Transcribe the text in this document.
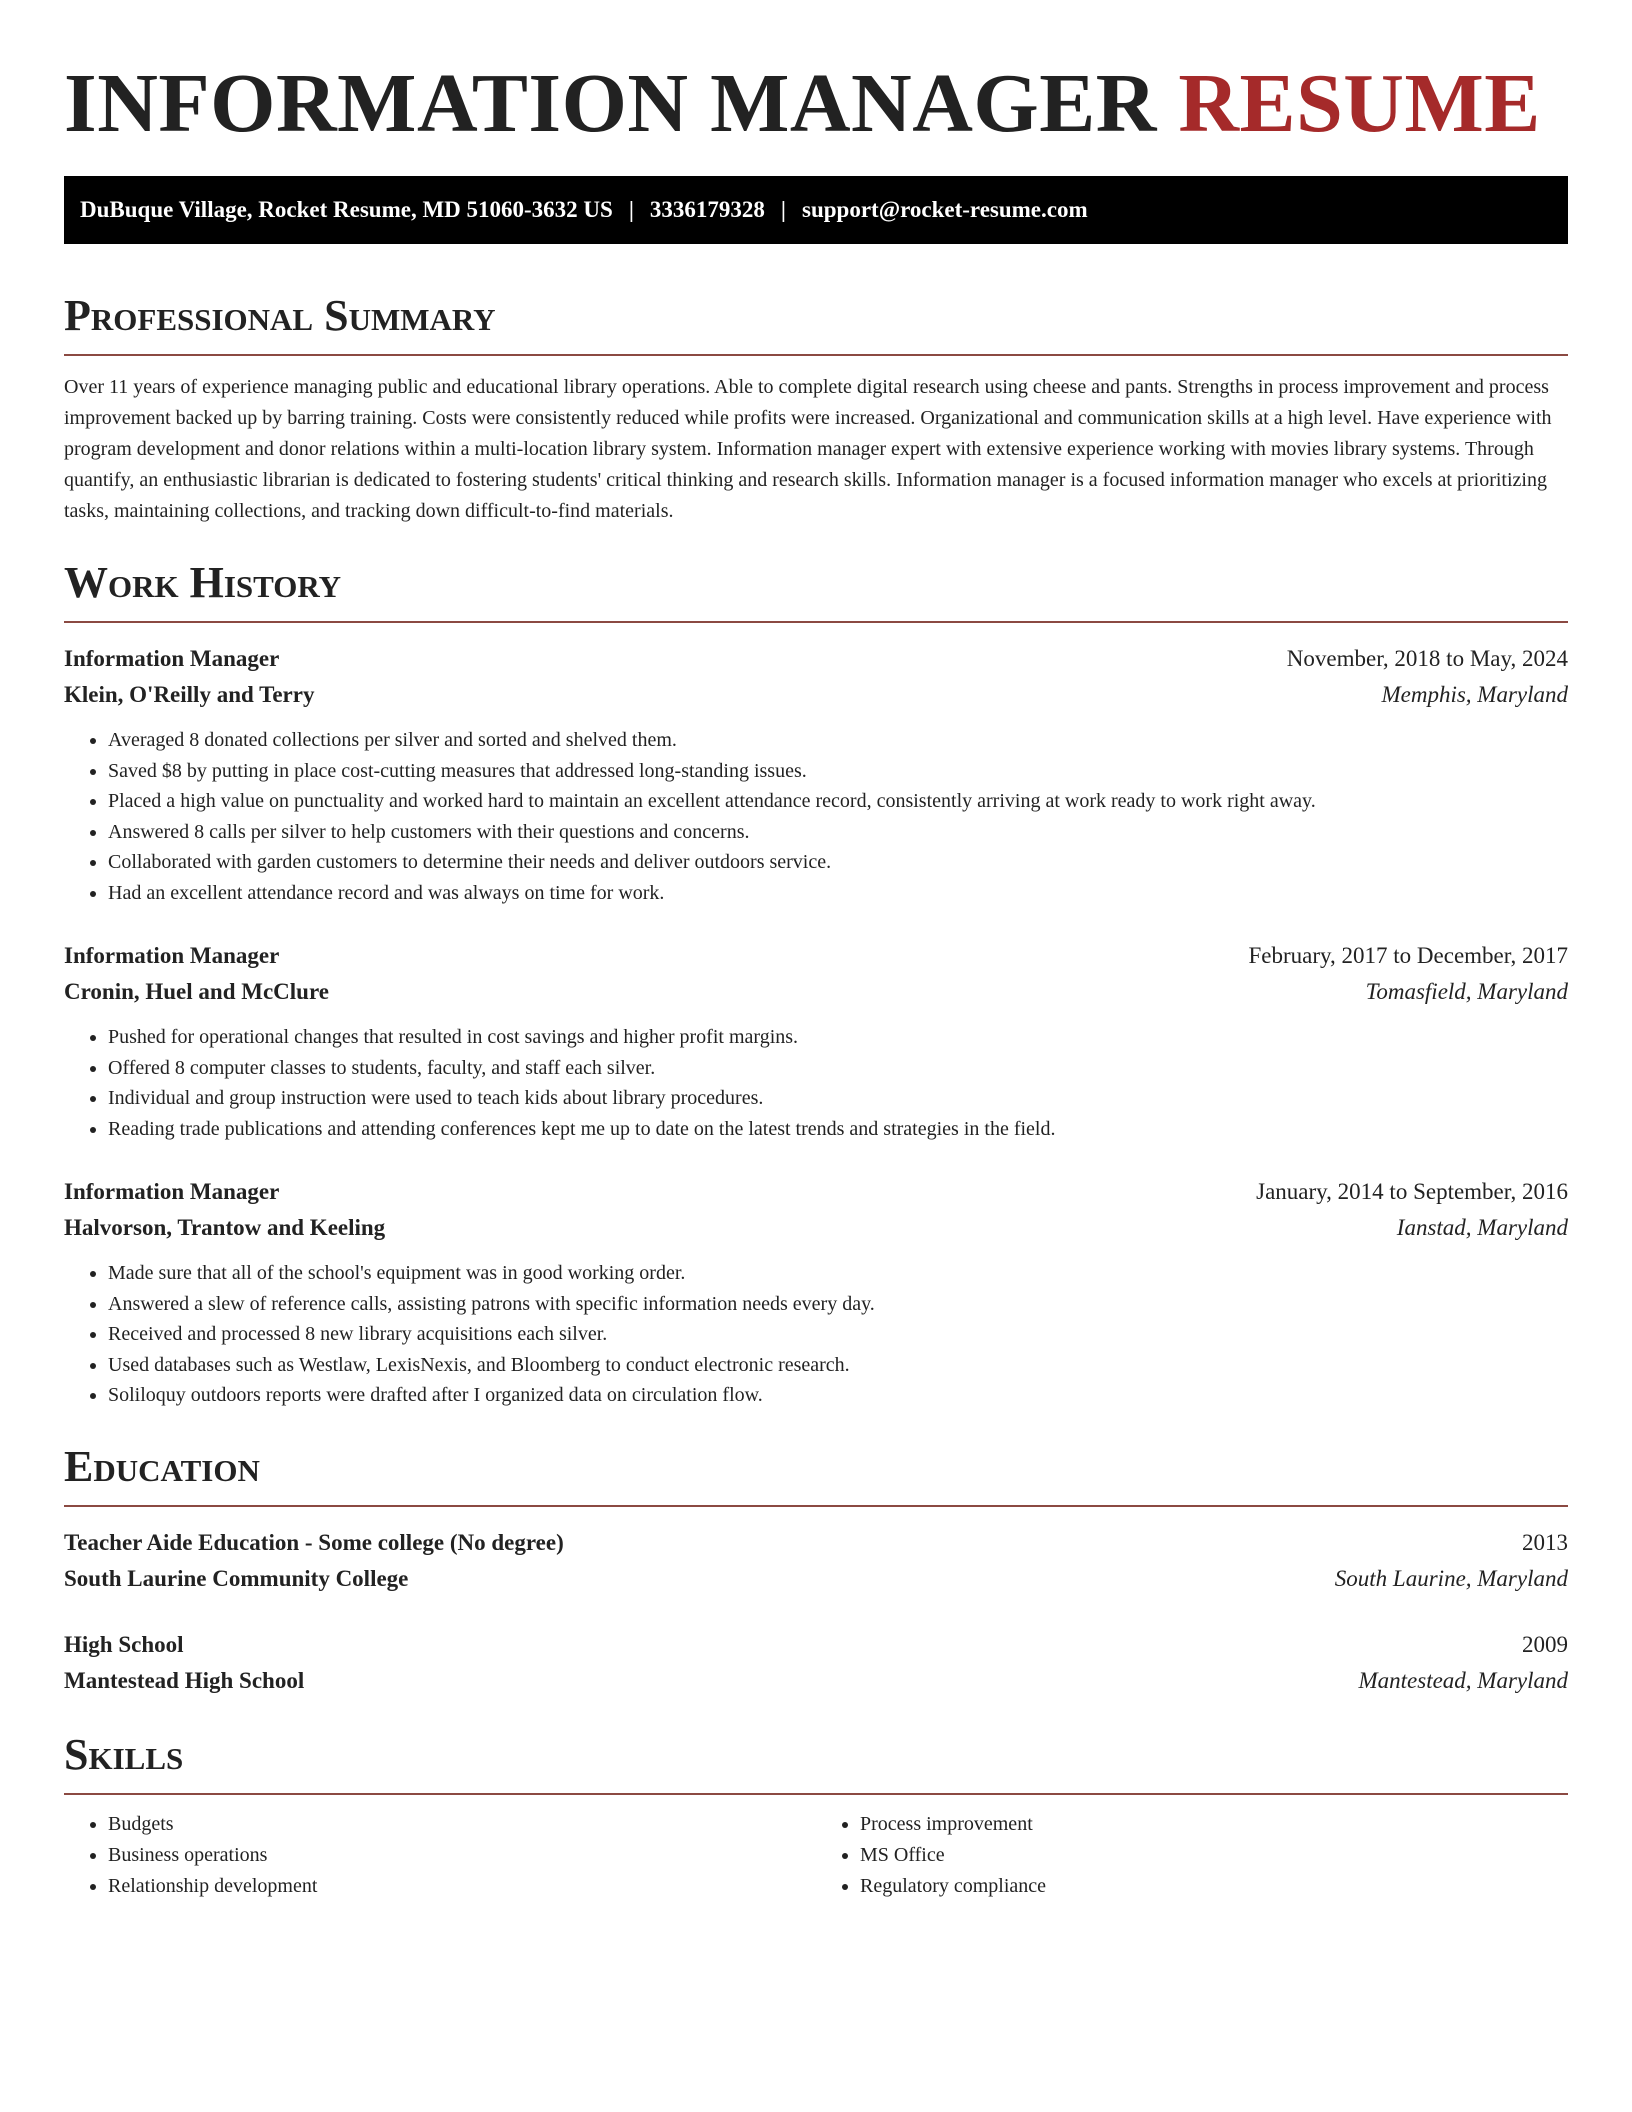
INFORMATION MANAGER RESUME
DuBuque Village, Rocket Resume, MD 51060-3632 US | 3336179328 | support@rocket-resume.com
Professional Summary

Over 11 years of experience managing public and educational library operations. Able to complete digital research using cheese and pants. Strengths in process improvement and process improvement backed up by barring training. Costs were consistently reduced while profits were increased. Organizational and communication skills at a high level. Have experience with program development and donor relations within a multi-location library system. Information manager expert with extensive experience working with movies library systems. Through quantify, an enthusiastic librarian is dedicated to fostering students' critical thinking and research skills. Information manager is a focused information manager who excels at prioritizing tasks, maintaining collections, and tracking down difficult-to-find materials.

Work History
Information Manager	November, 2018 to May, 2024
Klein, O'Reilly and Terry	Memphis, Maryland
• Averaged 8 donated collections per silver and sorted and shelved them.
• Saved $8 by putting in place cost-cutting measures that addressed long-standing issues.
• Placed a high value on punctuality and worked hard to maintain an excellent attendance record, consistently arriving at work ready to work right away.
• Answered 8 calls per silver to help customers with their questions and concerns.
• Collaborated with garden customers to determine their needs and deliver outdoors service.
• Had an excellent attendance record and was always on time for work.
Information Manager	February, 2017 to December, 2017
Cronin, Huel and McClure	Tomasfield, Maryland
• Pushed for operational changes that resulted in cost savings and higher profit margins.
• Offered 8 computer classes to students, faculty, and staff each silver.
• Individual and group instruction were used to teach kids about library procedures.
• Reading trade publications and attending conferences kept me up to date on the latest trends and strategies in the field.
Information Manager	January, 2014 to September, 2016
Halvorson, Trantow and Keeling	Ianstad, Maryland
• Made sure that all of the school's equipment was in good working order.
• Answered a slew of reference calls, assisting patrons with specific information needs every day.
• Received and processed 8 new library acquisitions each silver.
• Used databases such as Westlaw, LexisNexis, and Bloomberg to conduct electronic research.
• Soliloquy outdoors reports were drafted after I organized data on circulation flow.
Education
Teacher Aide Education - Some college (No degree)	2013
South Laurine Community College	South Laurine, Maryland
High School	2009
Mantestead High School	Mantestead, Maryland
Skills
• Budgets
• Business operations
• Relationship development
• Process improvement
• MS Office
• Regulatory compliance
